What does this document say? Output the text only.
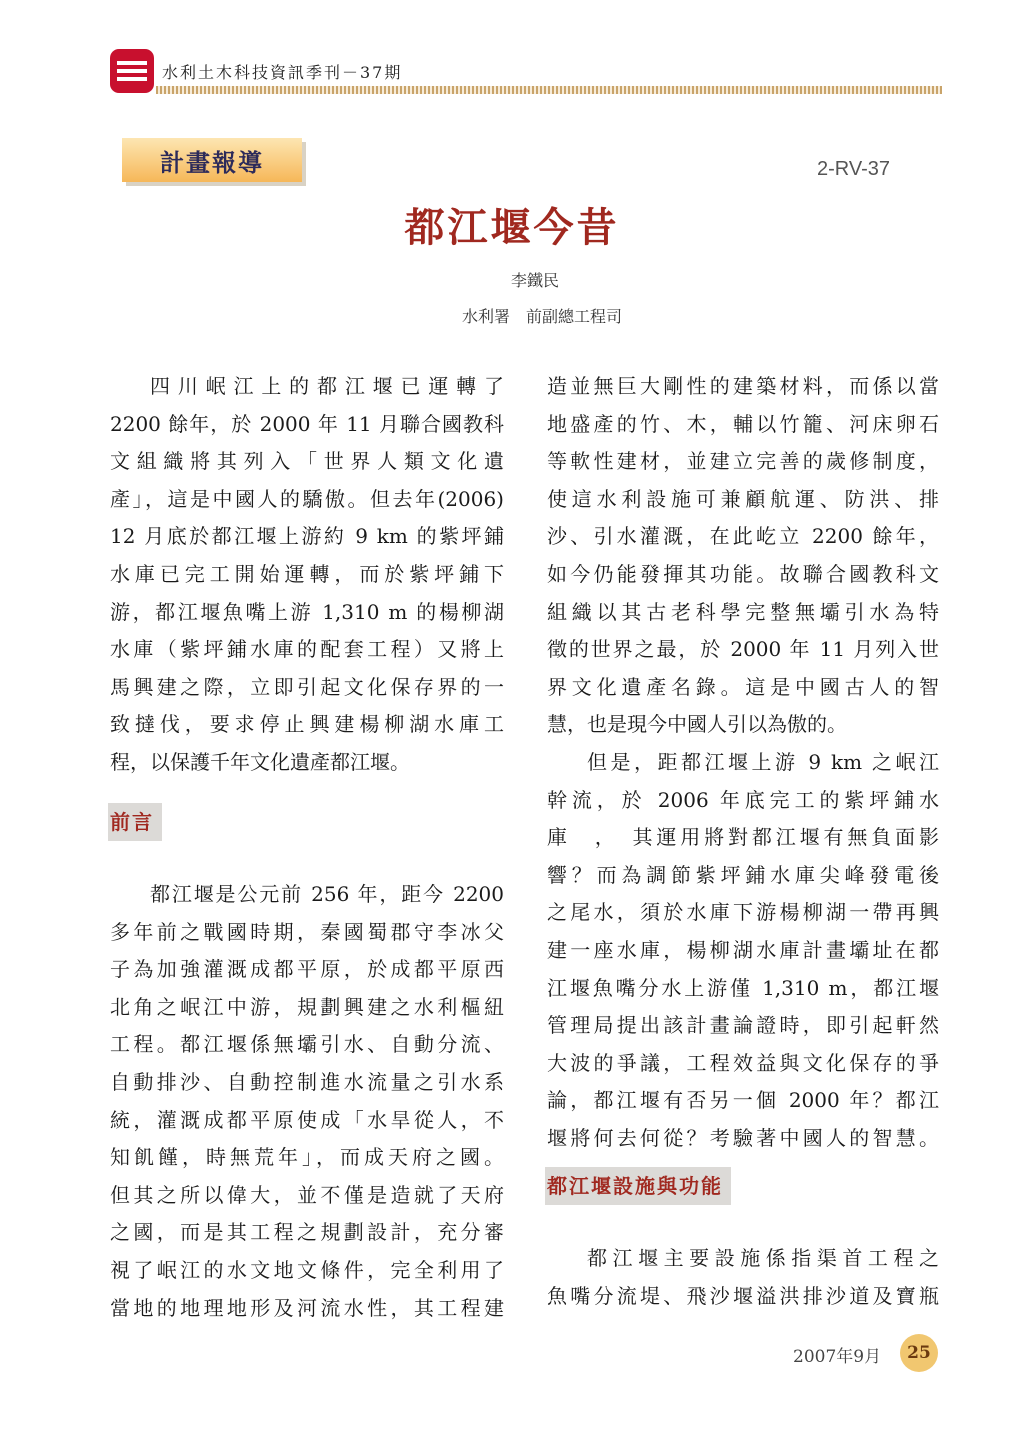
水利土木科技資訊季刊－37期
計畫報導	2-RV-37
都江堰今昔
李鐵民
水利署　前副總工程司
四川岷江上的都江堰已運轉了
2200 餘年，於 2000 年 11 月聯合國教科
文組織將其列入「世界人類文化遺
產」，這是中國人的驕傲。但去年(2006)
12 月底於都江堰上游約 9 km 的紫坪鋪
水庫已完工開始運轉，而於紫坪鋪下
游，都江堰魚嘴上游 1,310 m 的楊柳湖
水庫（紫坪鋪水庫的配套工程）又將上
馬興建之際，立即引起文化保存界的一
致撻伐，要求停止興建楊柳湖水庫工
程，以保護千年文化遺產都江堰。
前言
都江堰是公元前 256 年，距今 2200
多年前之戰國時期，秦國蜀郡守李冰父
子為加強灌溉成都平原，於成都平原西
北角之岷江中游，規劃興建之水利樞紐
工程。都江堰係無壩引水、自動分流、
自動排沙、自動控制進水流量之引水系
統，灌溉成都平原使成「水旱從人，不
知飢饉，時無荒年」，而成天府之國。
但其之所以偉大，並不僅是造就了天府
之國，而是其工程之規劃設計，充分審
視了岷江的水文地文條件，完全利用了
當地的地理地形及河流水性，其工程建
造並無巨大剛性的建築材料，而係以當
地盛產的竹、木，輔以竹籠、河床卵石
等軟性建材，並建立完善的歲修制度，
使這水利設施可兼顧航運、防洪、排
沙、引水灌溉，在此屹立 2200 餘年，
如今仍能發揮其功能。故聯合國教科文
組織以其古老科學完整無壩引水為特
徵的世界之最，於 2000 年 11 月列入世
界文化遺產名錄。這是中國古人的智
慧，也是現今中國人引以為傲的。
但是，距都江堰上游 9 km 之岷江
幹流，於 2006 年底完工的紫坪鋪水
庫　，　其運用將對都江堰有無負面影
響？而為調節紫坪鋪水庫尖峰發電後
之尾水，須於水庫下游楊柳湖一帶再興
建一座水庫，楊柳湖水庫計畫壩址在都
江堰魚嘴分水上游僅 1,310 m，都江堰
管理局提出該計畫論證時，即引起軒然
大波的爭議，工程效益與文化保存的爭
論，都江堰有否另一個 2000 年？都江
堰將何去何從？考驗著中國人的智慧。
都江堰設施與功能
都江堰主要設施係指渠首工程之
魚嘴分流堤、飛沙堰溢洪排沙道及寶瓶
2007年9月	25
